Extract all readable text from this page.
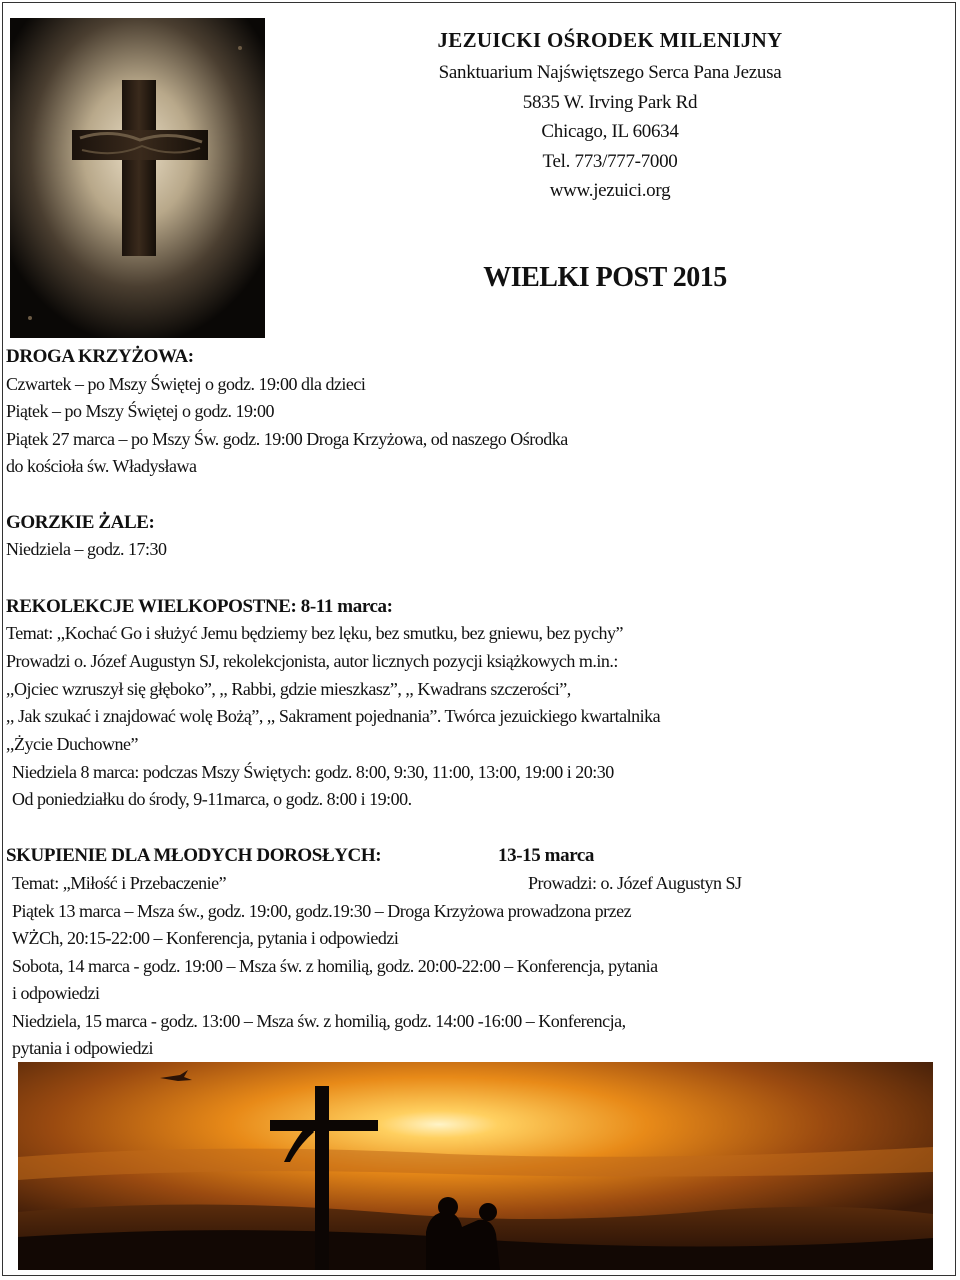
JEZUICKI OŚRODEK MILENIJNY
Sanktuarium Najświętszego Serca Pana Jezusa
5835 W. Irving Park Rd
Chicago, IL 60634
Tel. 773/777-7000
www.jezuici.org
WIELKI POST 2015
DROGA KRZYŻOWA:
Czwartek – po Mszy Świętej o godz. 19:00 dla dzieci
Piątek – po Mszy Świętej o godz. 19:00
Piątek 27 marca – po Mszy Św. godz. 19:00 Droga Krzyżowa, od naszego Ośrodka
do kościoła św. Władysława
GORZKIE ŻALE:
Niedziela – godz. 17:30
REKOLEKCJE WIELKOPOSTNE: 8-11 marca:
Temat: ,,Kochać Go i służyć Jemu będziemy bez lęku, bez smutku, bez gniewu, bez pychy”
Prowadzi o. Józef Augustyn SJ, rekolekcjonista, autor licznych pozycji książkowych m.in.:
,,Ojciec wzruszył się głęboko”, ,, Rabbi, gdzie mieszkasz”, ,, Kwadrans szczerości”,
,, Jak szukać i znajdować wolę Bożą”, ,, Sakrament pojednania”. Twórca jezuickiego kwartalnika
,,Życie Duchowne”
Niedziela 8 marca: podczas Mszy Świętych: godz. 8:00, 9:30, 11:00, 13:00, 19:00 i 20:30
Od poniedziałku do środy, 9-11marca, o godz. 8:00 i 19:00.
SKUPIENIE DLA MŁODYCH DOROSŁYCH:	13-15 marca
Temat: „Miłość i Przebaczenie”	Prowadzi: o. Józef Augustyn SJ
Piątek 13 marca – Msza św., godz. 19:00, godz.19:30 – Droga Krzyżowa prowadzona przez
WŻCh, 20:15-22:00 – Konferencja, pytania i odpowiedzi
Sobota, 14 marca - godz. 19:00 – Msza św. z homilią, godz. 20:00-22:00 – Konferencja, pytania
i odpowiedzi
Niedziela, 15 marca - godz. 13:00 – Msza św. z homilią, godz. 14:00 -16:00 – Konferencja,
pytania i odpowiedzi
